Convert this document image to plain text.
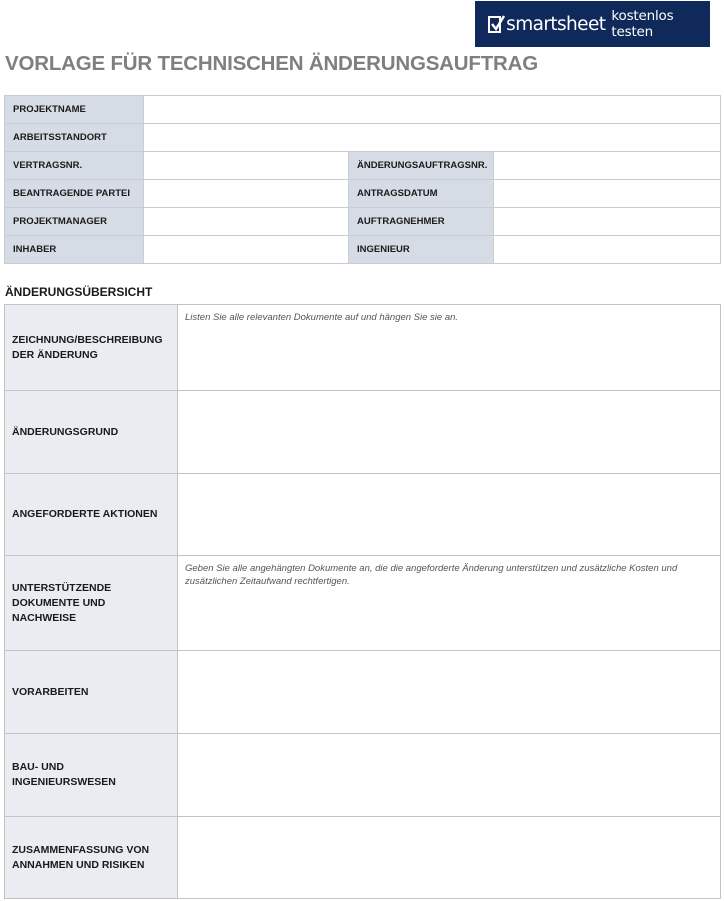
smartsheet kostenlos testen
VORLAGE FÜR TECHNISCHEN ÄNDERUNGSAUFTRAG
PROJEKTNAME			
ARBEITSSTANDORT			
VERTRAGSNR.		ÄNDERUNGSAUFTRAGSNR.	
BEANTRAGENDE PARTEI		ANTRAGSDATUM	
PROJEKTMANAGER		AUFTRAGNEHMER	
INHABER		INGENIEUR	
ÄNDERUNGSÜBERSICHT
ZEICHNUNG/BESCHREIBUNG DER ÄNDERUNG	Listen Sie alle relevanten Dokumente auf und hängen Sie sie an.
ÄNDERUNGSGRUND	
ANGEFORDERTE AKTIONEN	
UNTERSTÜTZENDE DOKUMENTE UND NACHWEISE	Geben Sie alle angehängten Dokumente an, die die angeforderte Änderung unterstützen und zusätzliche Kosten und zusätzlichen Zeitaufwand rechtfertigen.
VORARBEITEN	
BAU- UND INGENIEURSWESEN	
ZUSAMMENFASSUNG VON ANNAHMEN UND RISIKEN	
